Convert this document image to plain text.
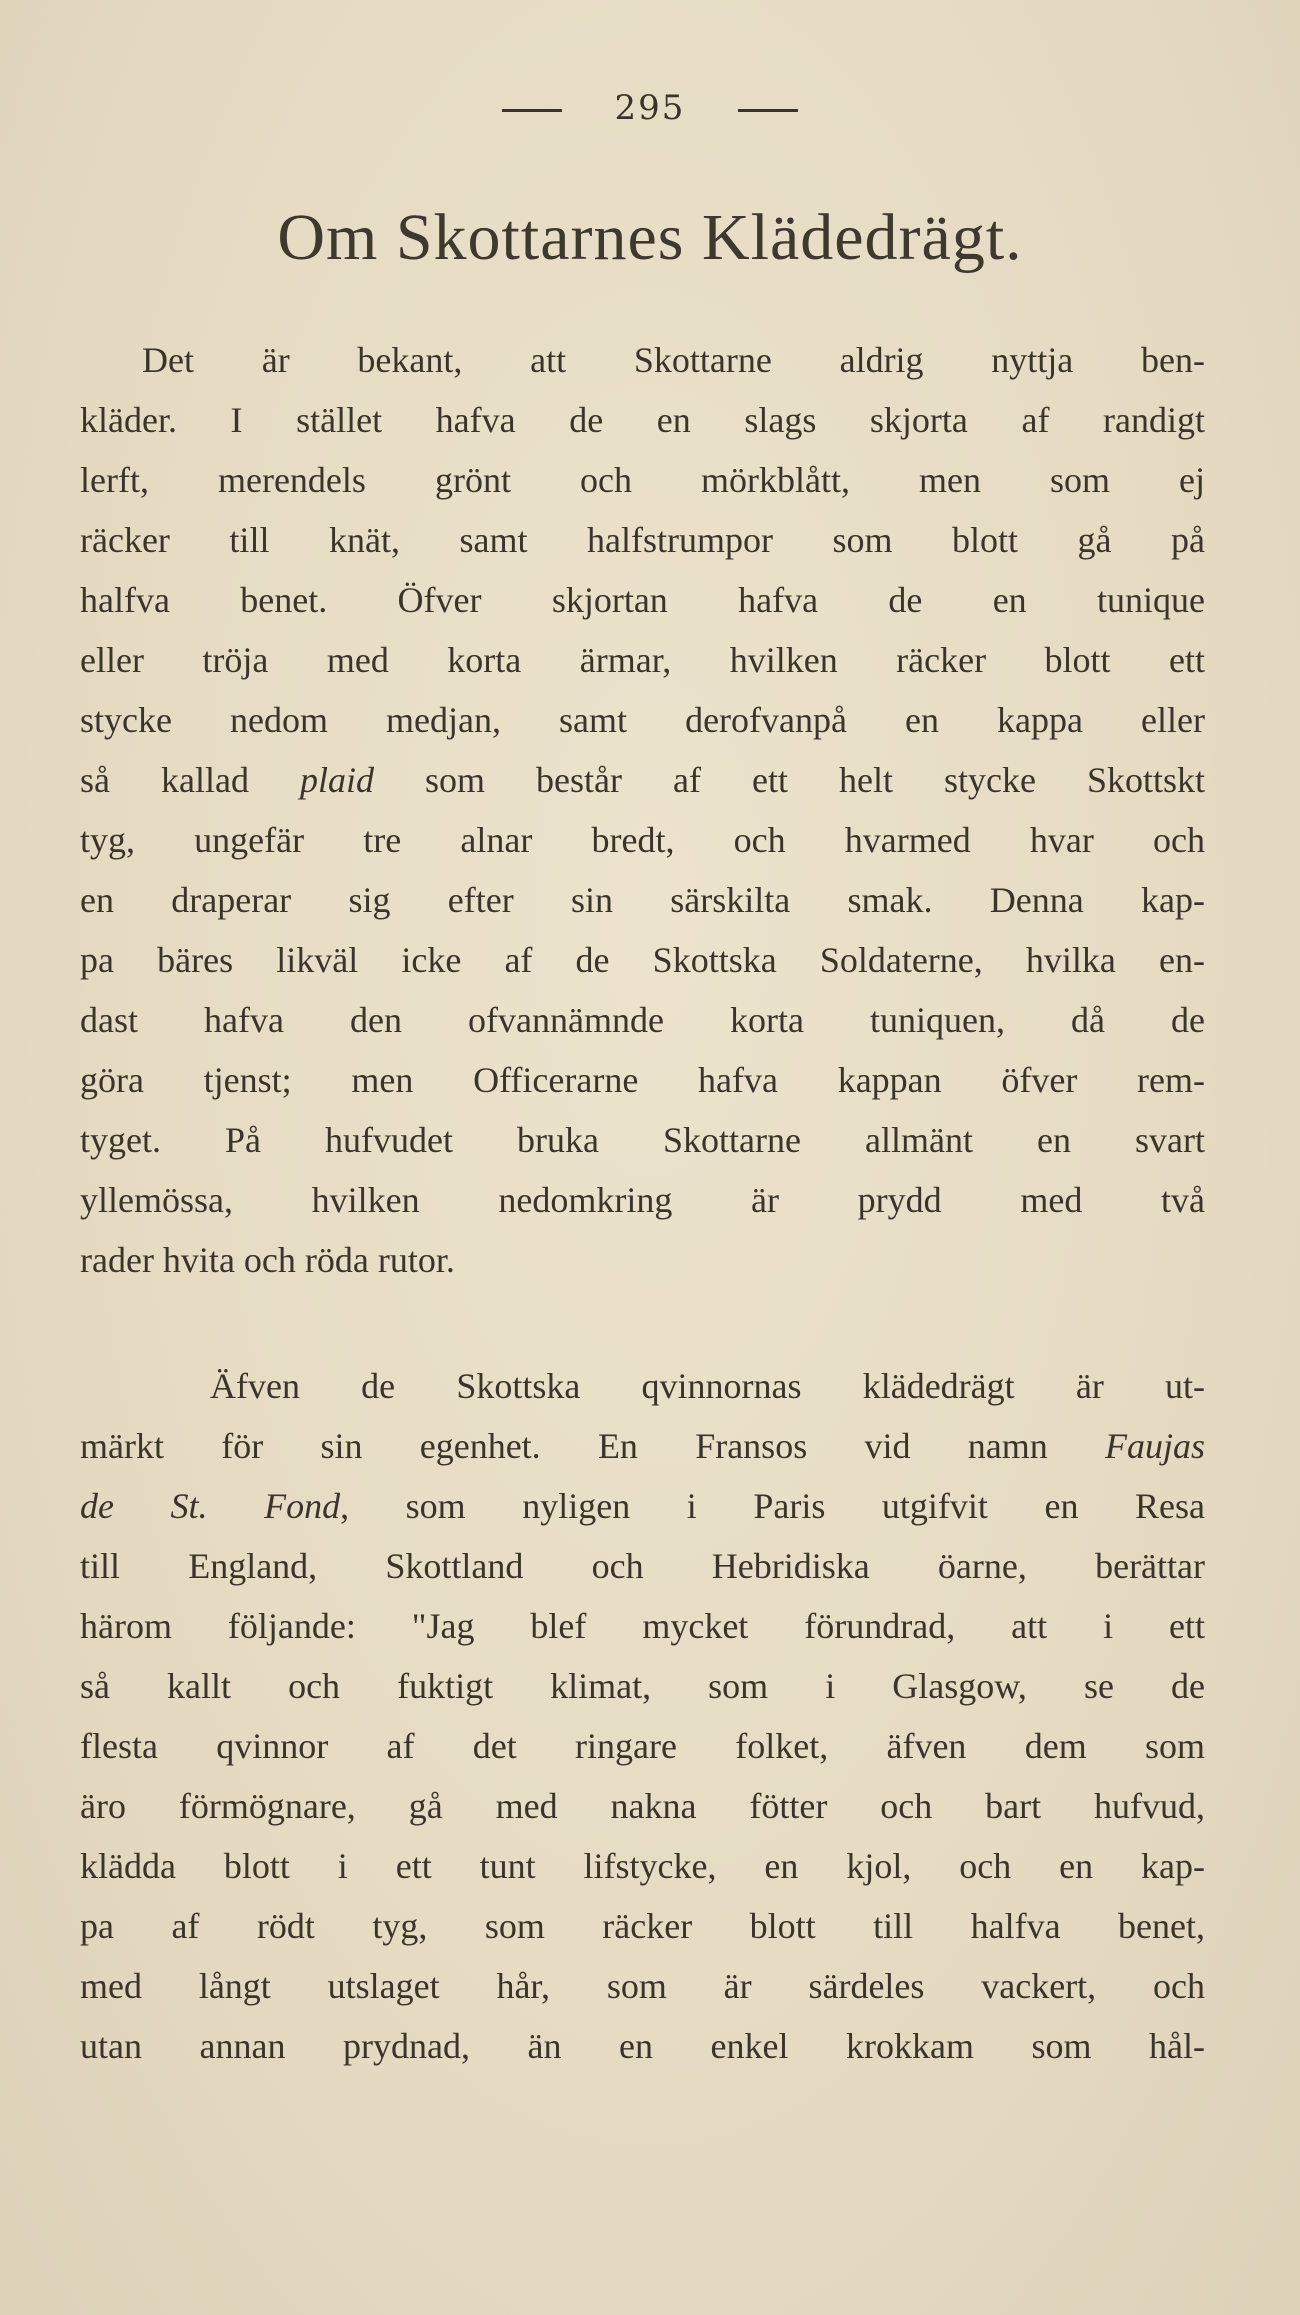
295
Om Skottarnes Klädedrägt.
Det är bekant, att Skottarne aldrig nyttja ben-
kläder. I stället hafva de en slags skjorta af randigt
lerft, merendels grönt och mörkblått, men som ej
räcker till knät, samt halfstrumpor som blott gå på
halfva benet. Öfver skjortan hafva de en tunique
eller tröja med korta ärmar, hvilken räcker blott ett
stycke nedom medjan, samt derofvanpå en kappa eller
så kallad plaid som består af ett helt stycke Skottskt
tyg, ungefär tre alnar bredt, och hvarmed hvar och
en draperar sig efter sin särskilta smak. Denna kap-
pa bäres likväl icke af de Skottska Soldaterne, hvilka en-
dast hafva den ofvannämnde korta tuniquen, då de
göra tjenst; men Officerarne hafva kappan öfver rem-
tyget. På hufvudet bruka Skottarne allmänt en svart
yllemössa, hvilken nedomkring är prydd med två
rader hvita och röda rutor.
Äfven de Skottska qvinnornas klädedrägt är ut-
märkt för sin egenhet. En Fransos vid namn Faujas
de St. Fond, som nyligen i Paris utgifvit en Resa
till England, Skottland och Hebridiska öarne, berättar
härom följande: "Jag blef mycket förundrad, att i ett
så kallt och fuktigt klimat, som i Glasgow, se de
flesta qvinnor af det ringare folket, äfven dem som
äro förmögnare, gå med nakna fötter och bart hufvud,
klädda blott i ett tunt lifstycke, en kjol, och en kap-
pa af rödt tyg, som räcker blott till halfva benet,
med långt utslaget hår, som är särdeles vackert, och
utan annan prydnad, än en enkel krokkam som hål-
